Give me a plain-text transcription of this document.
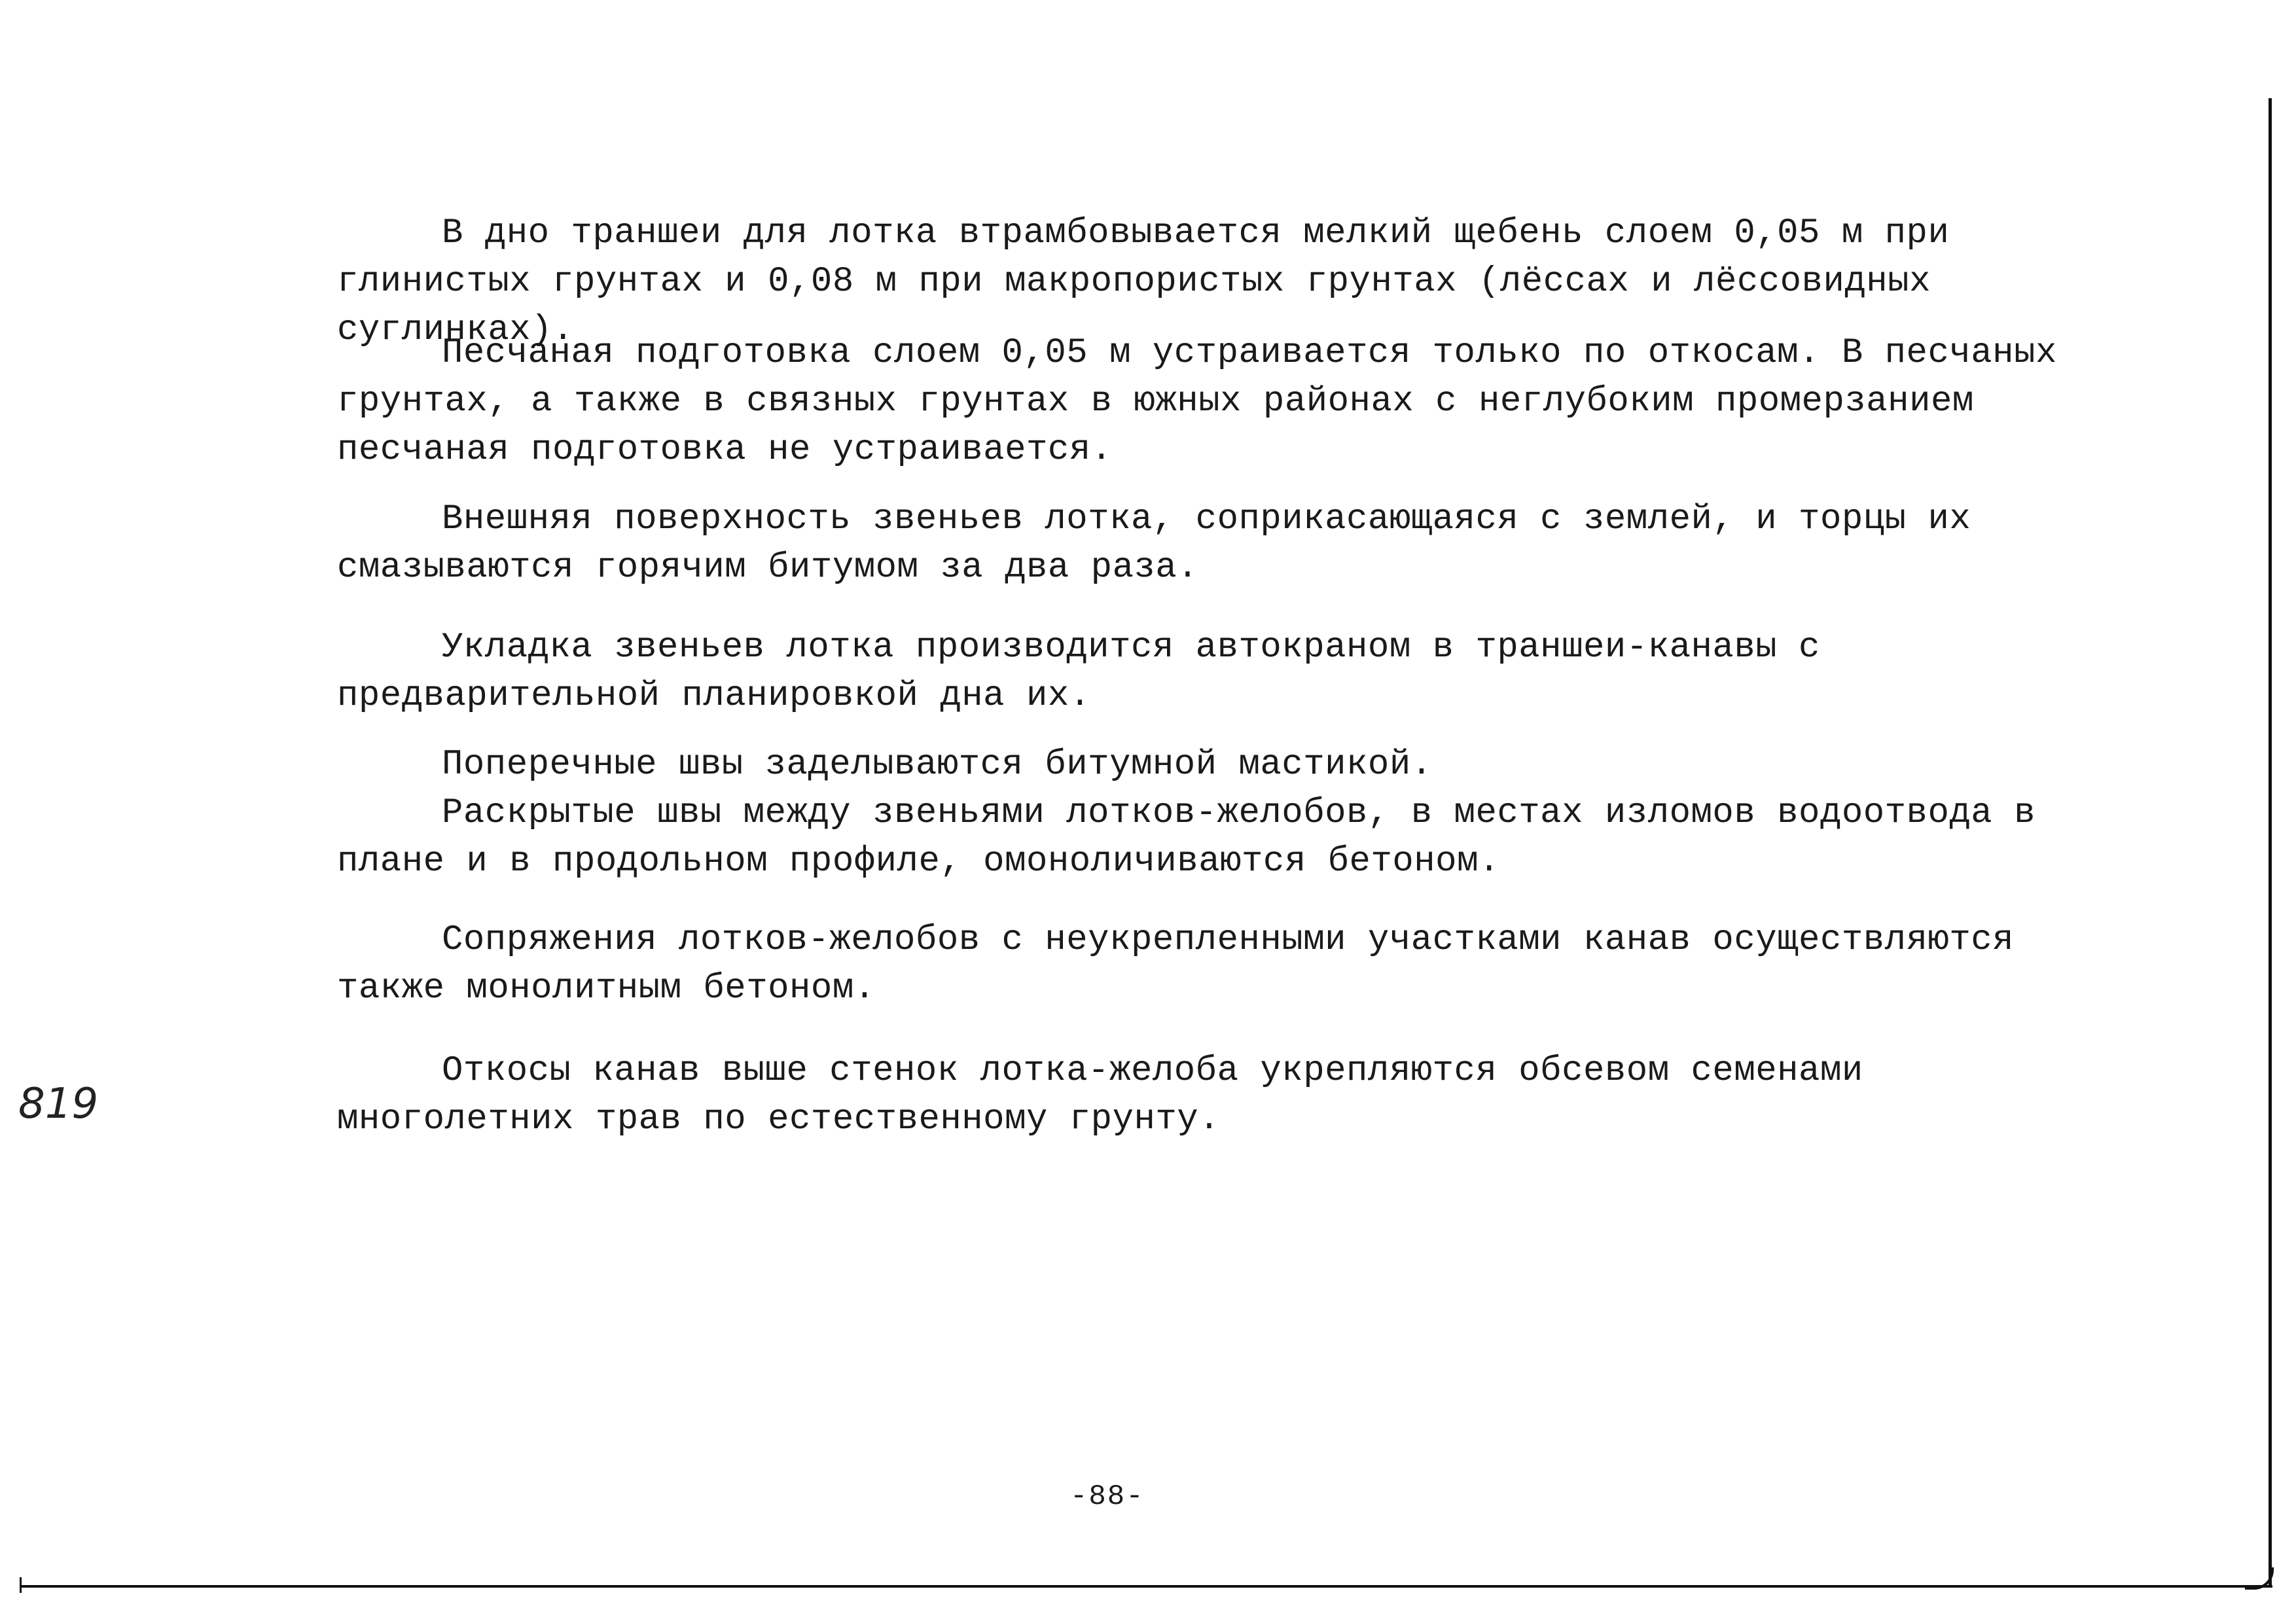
В дно траншеи для лотка втрамбовывается мелкий щебень слоем 0,05 м при глинистых грунтах и 0,08 м при макропористых грунтах (лёссах и лёссовидных суглинках).

Песчаная подготовка слоем 0,05 м устраивается только по откосам. В песчаных грунтах, а также в связных грунтах в южных районах с неглубоким промерзанием песчаная подготовка не устраивается.

Внешняя поверхность звеньев лотка, соприкасающаяся с землей, и торцы их смазываются горячим битумом за два раза.

Укладка звеньев лотка производится автокраном в траншеи-канавы с предварительной планировкой дна их.

Поперечные швы заделываются битумной мастикой.

Раскрытые швы между звеньями лотков-желобов, в местах изломов водоотвода в плане и в продольном профиле, омоноличиваются бетоном.

Сопряжения лотков-желобов с неукрепленными участками канав осуществляются также монолитным бетоном.

Откосы канав выше стенок лотка-желоба укрепляются обсевом семенами многолетних трав по естественному грунту.

819
-88-
